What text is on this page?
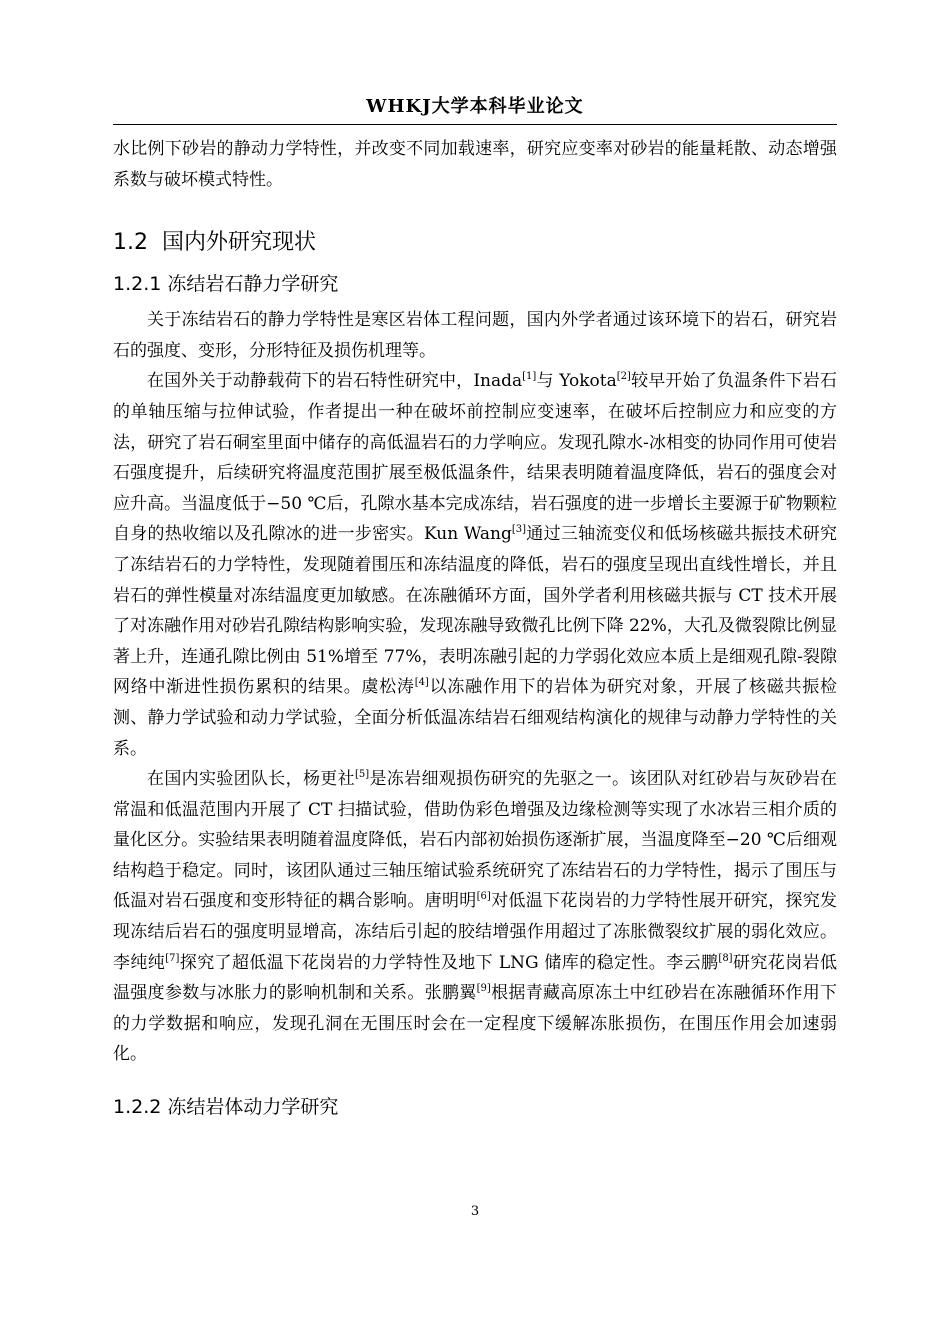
WHKJ大学本科毕业论文

水比例下砂岩的静动力学特性，并改变不同加载速率，研究应变率对砂岩的能量耗散、动态增强系数与破坏模式特性。

1.2 国内外研究现状
1.2.1 冻结岩石静力学研究

关于冻结岩石的静力学特性是寒区岩体工程问题，国内外学者通过该环境下的岩石，研究岩石的强度、变形，分形特征及损伤机理等。

在国外关于动静载荷下的岩石特性研究中，Inada[1]与 Yokota[2]较早开始了负温条件下岩石的单轴压缩与拉伸试验，作者提出一种在破坏前控制应变速率，在破坏后控制应力和应变的方法，研究了岩石硐室里面中储存的高低温岩石的力学响应。发现孔隙水-冰相变的协同作用可使岩石强度提升，后续研究将温度范围扩展至极低温条件，结果表明随着温度降低，岩石的强度会对应升高。当温度低于−50 ℃后，孔隙水基本完成冻结，岩石强度的进一步增长主要源于矿物颗粒自身的热收缩以及孔隙冰的进一步密实。Kun Wang[3]通过三轴流变仪和低场核磁共振技术研究了冻结岩石的力学特性，发现随着围压和冻结温度的降低，岩石的强度呈现出直线性增长，并且岩石的弹性模量对冻结温度更加敏感。在冻融循环方面，国外学者利用核磁共振与 CT 技术开展了对冻融作用对砂岩孔隙结构影响实验，发现冻融导致微孔比例下降 22%，大孔及微裂隙比例显著上升，连通孔隙比例由 51%增至 77%，表明冻融引起的力学弱化效应本质上是细观孔隙-裂隙网络中渐进性损伤累积的结果。虞松涛[4]以冻融作用下的岩体为研究对象，开展了核磁共振检测、静力学试验和动力学试验，全面分析低温冻结岩石细观结构演化的规律与动静力学特性的关系。

在国内实验团队长，杨更社[5]是冻岩细观损伤研究的先驱之一。该团队对红砂岩与灰砂岩在常温和低温范围内开展了 CT 扫描试验，借助伪彩色增强及边缘检测等实现了水冰岩三相介质的量化区分。实验结果表明随着温度降低，岩石内部初始损伤逐渐扩展，当温度降至−20 ℃后细观结构趋于稳定。同时，该团队通过三轴压缩试验系统研究了冻结岩石的力学特性，揭示了围压与低温对岩石强度和变形特征的耦合影响。唐明明[6]对低温下花岗岩的力学特性展开研究，探究发现冻结后岩石的强度明显增高，冻结后引起的胶结增强作用超过了冻胀微裂纹扩展的弱化效应。李纯纯[7]探究了超低温下花岗岩的力学特性及地下 LNG 储库的稳定性。李云鹏[8]研究花岗岩低温强度参数与冰胀力的影响机制和关系。张鹏翼[9]根据青藏高原冻土中红砂岩在冻融循环作用下的力学数据和响应，发现孔洞在无围压时会在一定程度下缓解冻胀损伤，在围压作用会加速弱化。

1.2.2 冻结岩体动力学研究
3
